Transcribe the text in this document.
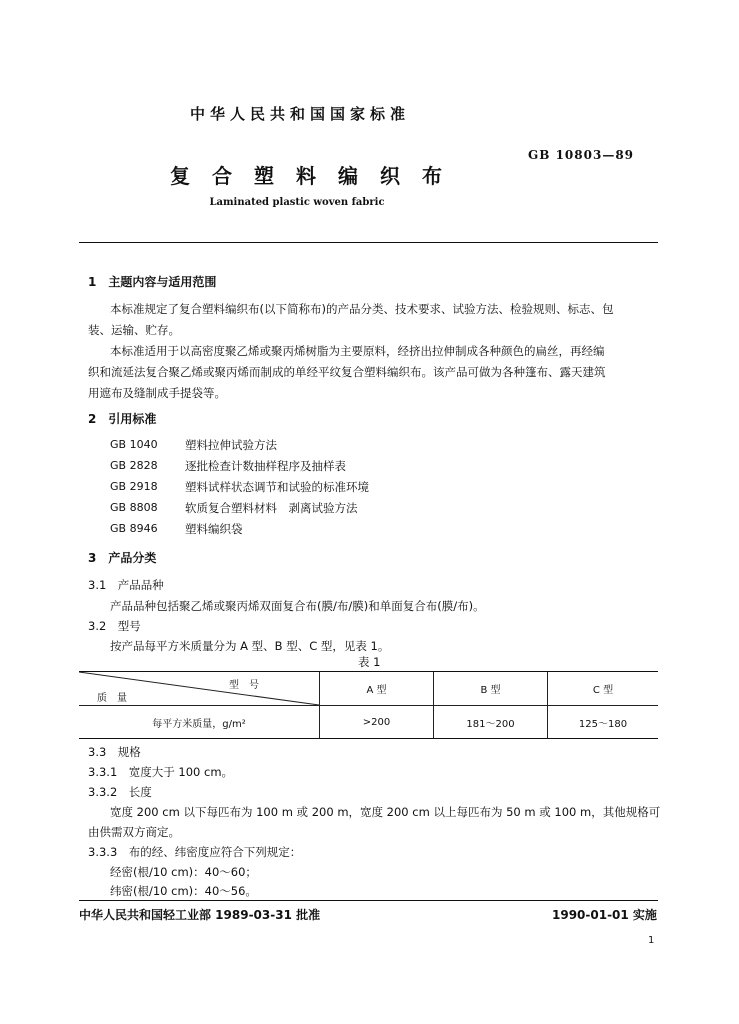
中华人民共和国国家标准
GB 10803—89
复合塑料编织布
Laminated plastic woven fabric
1　主题内容与适用范围
本标准规定了复合塑料编织布(以下简称布)的产品分类、技术要求、试验方法、检验规则、标志、包
装、运输、贮存。
本标准适用于以高密度聚乙烯或聚丙烯树脂为主要原料，经挤出拉伸制成各种颜色的扁丝，再经编
织和流延法复合聚乙烯或聚丙烯而制成的单经平纹复合塑料编织布。该产品可做为各种篷布、露天建筑
用遮布及缝制成手提袋等。
2　引用标准
GB 1040 塑料拉伸试验方法
GB 2828 逐批检查计数抽样程序及抽样表
GB 2918 塑料试样状态调节和试验的标准环境
GB 8808 软质复合塑料材料　剥离试验方法
GB 8946 塑料编织袋
3　产品分类
3.1　产品品种
产品品种包括聚乙烯或聚丙烯双面复合布(膜/布/膜)和单面复合布(膜/布)。
3.2　型号
按产品每平方米质量分为 A 型、B 型、C 型，见表 1。
表 1
型　号
质　量	A 型	B 型	C 型
每平方米质量，g/m²	>200	181～200	125～180
3.3　规格
3.3.1　宽度大于 100 cm。
3.3.2　长度
宽度 200 cm 以下每匹布为 100 m 或 200 m，宽度 200 cm 以上每匹布为 50 m 或 100 m，其他规格可
由供需双方商定。
3.3.3　布的经、纬密度应符合下列规定：
经密(根/10 cm)：40～60；
纬密(根/10 cm)：40～56。
中华人民共和国轻工业部 1989-03-31 批准	1990-01-01 实施
1
